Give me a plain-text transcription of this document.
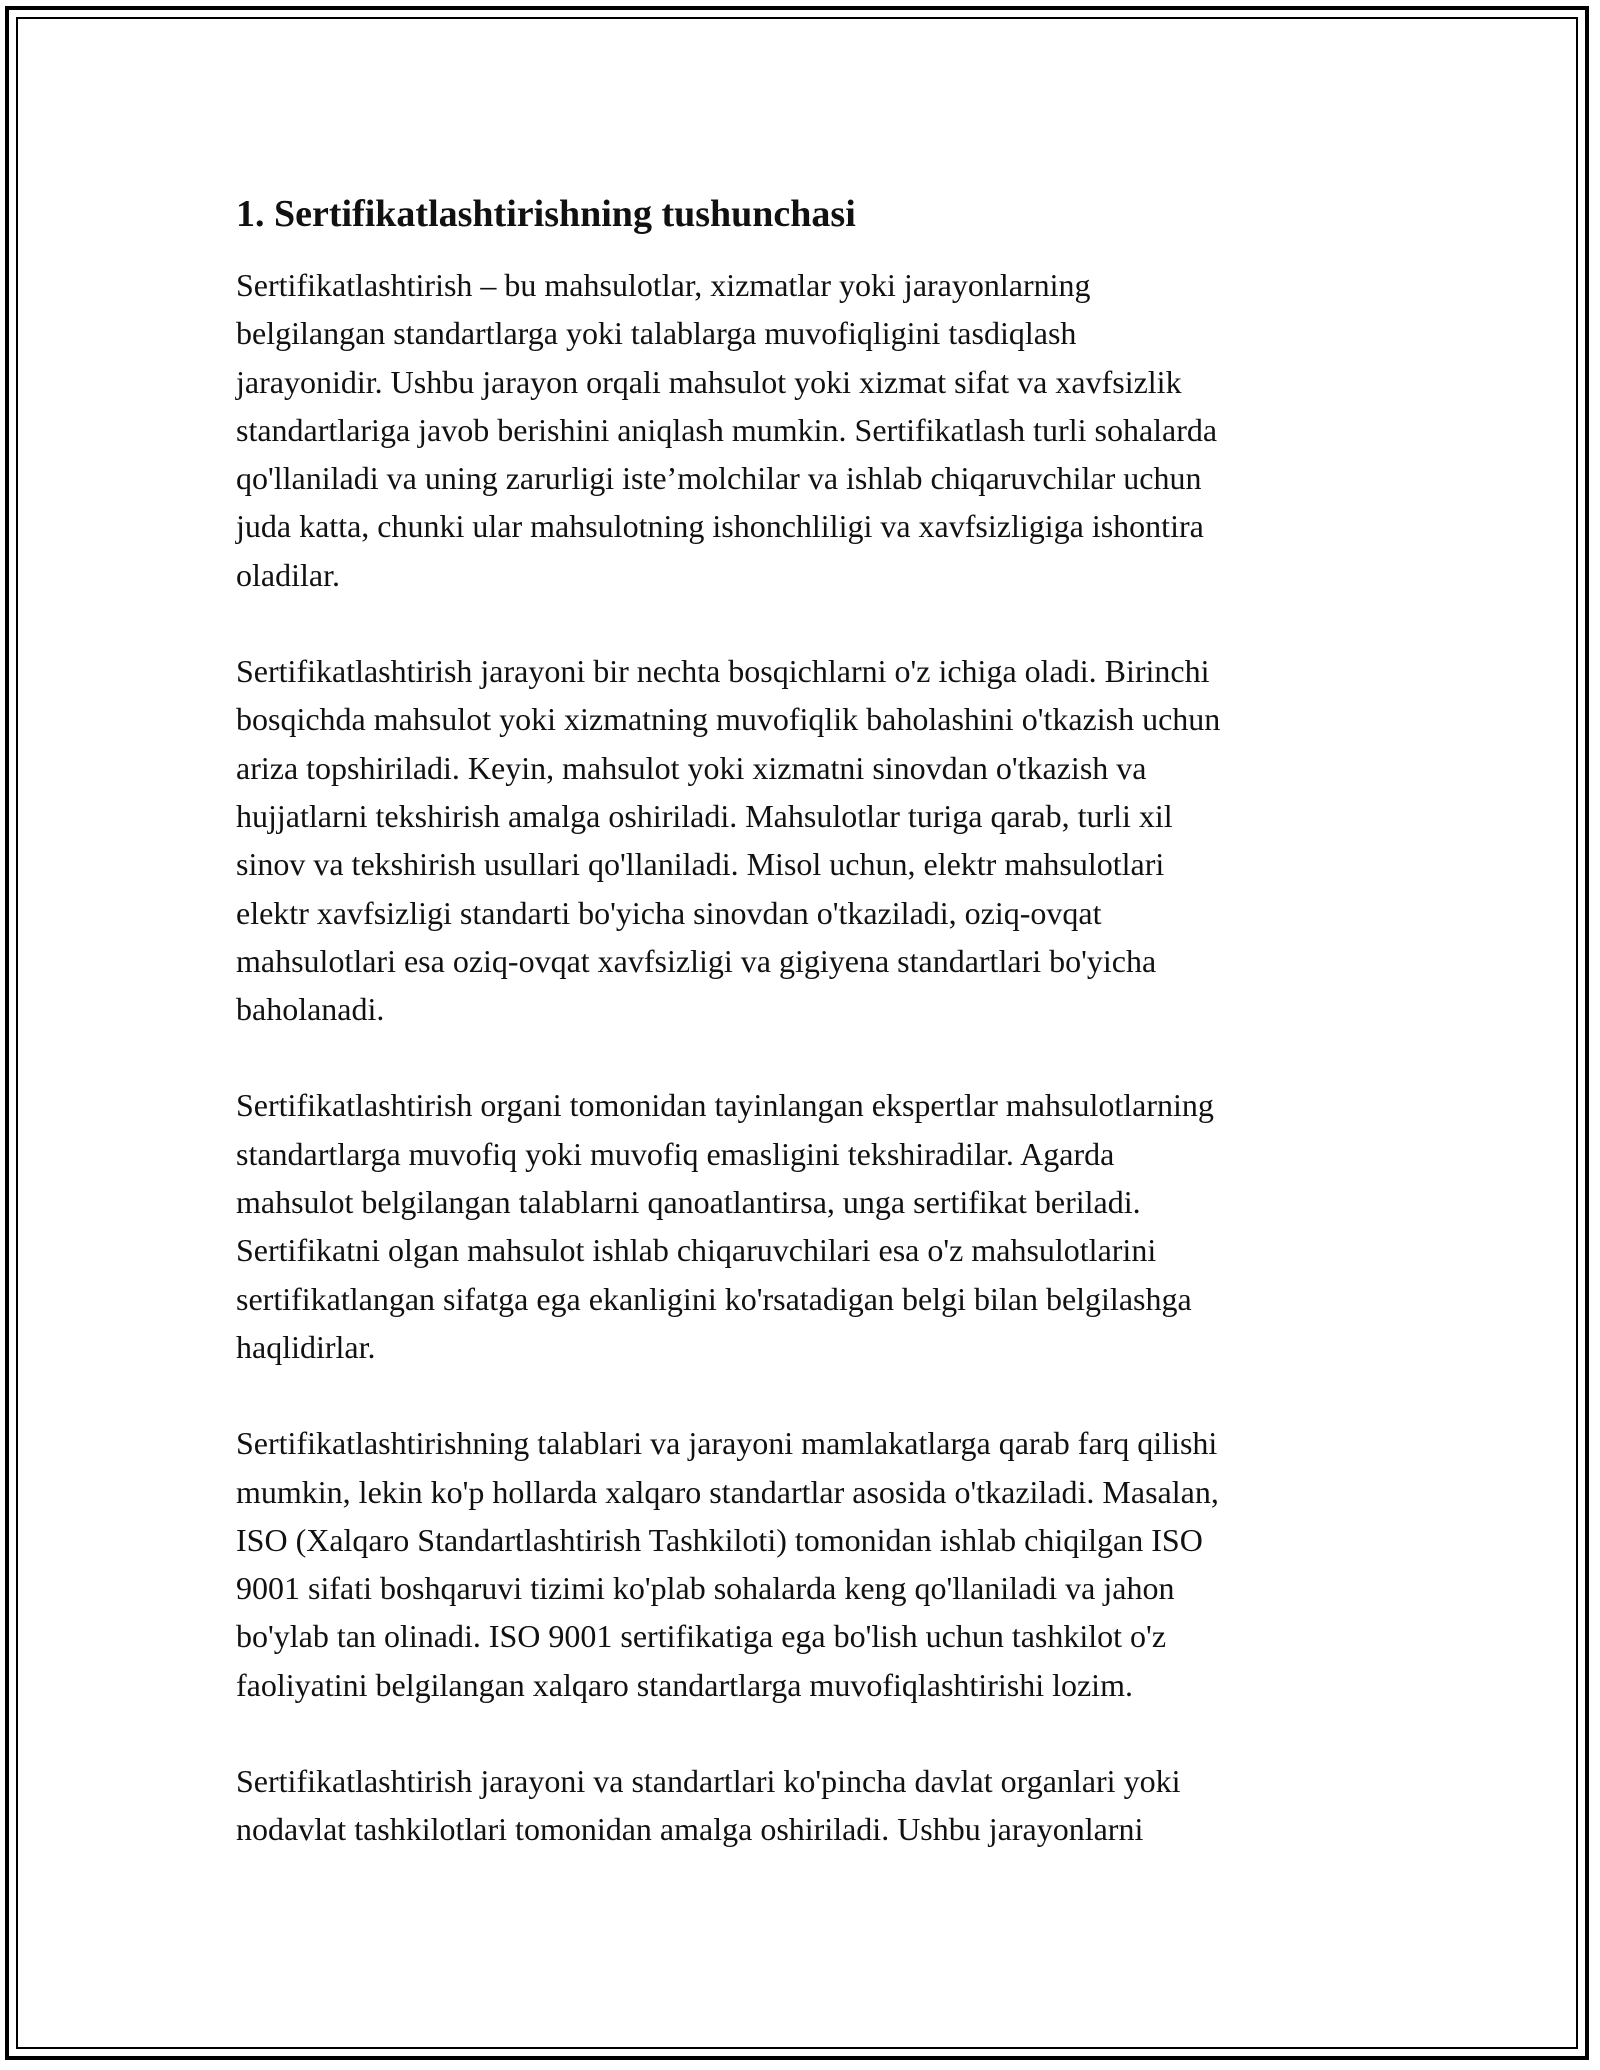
1. Sertifikatlashtirishning tushunchasi
Sertifikatlashtirish – bu mahsulotlar, xizmatlar yoki jarayonlarning
belgilangan standartlarga yoki talablarga muvofiqligini tasdiqlash
jarayonidir. Ushbu jarayon orqali mahsulot yoki xizmat sifat va xavfsizlik
standartlariga javob berishini aniqlash mumkin. Sertifikatlash turli sohalarda
qo'llaniladi va uning zarurligi iste’molchilar va ishlab chiqaruvchilar uchun
juda katta, chunki ular mahsulotning ishonchliligi va xavfsizligiga ishontira
oladilar.
Sertifikatlashtirish jarayoni bir nechta bosqichlarni o'z ichiga oladi. Birinchi
bosqichda mahsulot yoki xizmatning muvofiqlik baholashini o'tkazish uchun
ariza topshiriladi. Keyin, mahsulot yoki xizmatni sinovdan o'tkazish va
hujjatlarni tekshirish amalga oshiriladi. Mahsulotlar turiga qarab, turli xil
sinov va tekshirish usullari qo'llaniladi. Misol uchun, elektr mahsulotlari
elektr xavfsizligi standarti bo'yicha sinovdan o'tkaziladi, oziq-ovqat
mahsulotlari esa oziq-ovqat xavfsizligi va gigiyena standartlari bo'yicha
baholanadi.
Sertifikatlashtirish organi tomonidan tayinlangan ekspertlar mahsulotlarning
standartlarga muvofiq yoki muvofiq emasligini tekshiradilar. Agarda
mahsulot belgilangan talablarni qanoatlantirsa, unga sertifikat beriladi.
Sertifikatni olgan mahsulot ishlab chiqaruvchilari esa o'z mahsulotlarini
sertifikatlangan sifatga ega ekanligini ko'rsatadigan belgi bilan belgilashga
haqlidirlar.
Sertifikatlashtirishning talablari va jarayoni mamlakatlarga qarab farq qilishi
mumkin, lekin ko'p hollarda xalqaro standartlar asosida o'tkaziladi. Masalan,
ISO (Xalqaro Standartlashtirish Tashkiloti) tomonidan ishlab chiqilgan ISO
9001 sifati boshqaruvi tizimi ko'plab sohalarda keng qo'llaniladi va jahon
bo'ylab tan olinadi. ISO 9001 sertifikatiga ega bo'lish uchun tashkilot o'z
faoliyatini belgilangan xalqaro standartlarga muvofiqlashtirishi lozim.
Sertifikatlashtirish jarayoni va standartlari ko'pincha davlat organlari yoki
nodavlat tashkilotlari tomonidan amalga oshiriladi. Ushbu jarayonlarni
